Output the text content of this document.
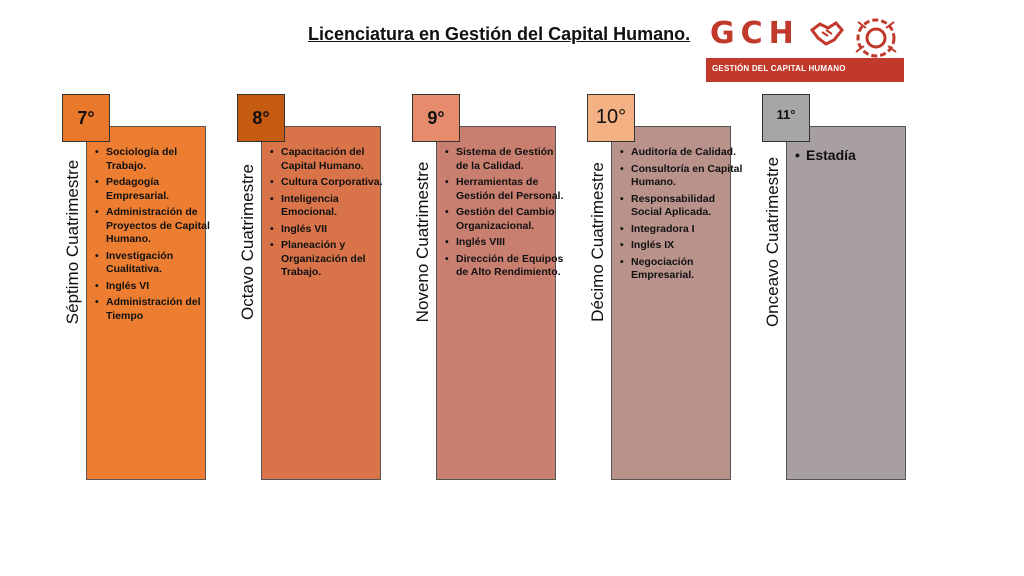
Licenciatura en Gestión del Capital Humano. GCH
GESTIÓN DEL CAPITAL HUMANO
7°
Séptimo Cuatrimestre
• Sociología del Trabajo.
• Pedagogía Empresarial.
• Administración de Proyectos de Capital Humano.
• Investigación Cualitativa.
• Inglés VI
• Administración del Tiempo
8°
Octavo Cuatrimestre
• Capacitación del Capital Humano.
• Cultura Corporativa.
• Inteligencia Emocional.
• Inglés VII
• Planeación y Organización del Trabajo.
9°
Noveno Cuatrimestre
• Sistema de Gestión de la Calidad.
• Herramientas de Gestión del Personal.
• Gestión del Cambio Organizacional.
• Inglés VIII
• Dirección de Equipos de Alto Rendimiento.
10°
Décimo Cuatrimestre
• Auditoría de Calidad.
• Consultoría en Capital Humano.
• Responsabilidad Social Aplicada.
• Integradora I
• Inglés IX
• Negociación Empresarial.
11°
Onceavo Cuatrimestre
• Estadía
